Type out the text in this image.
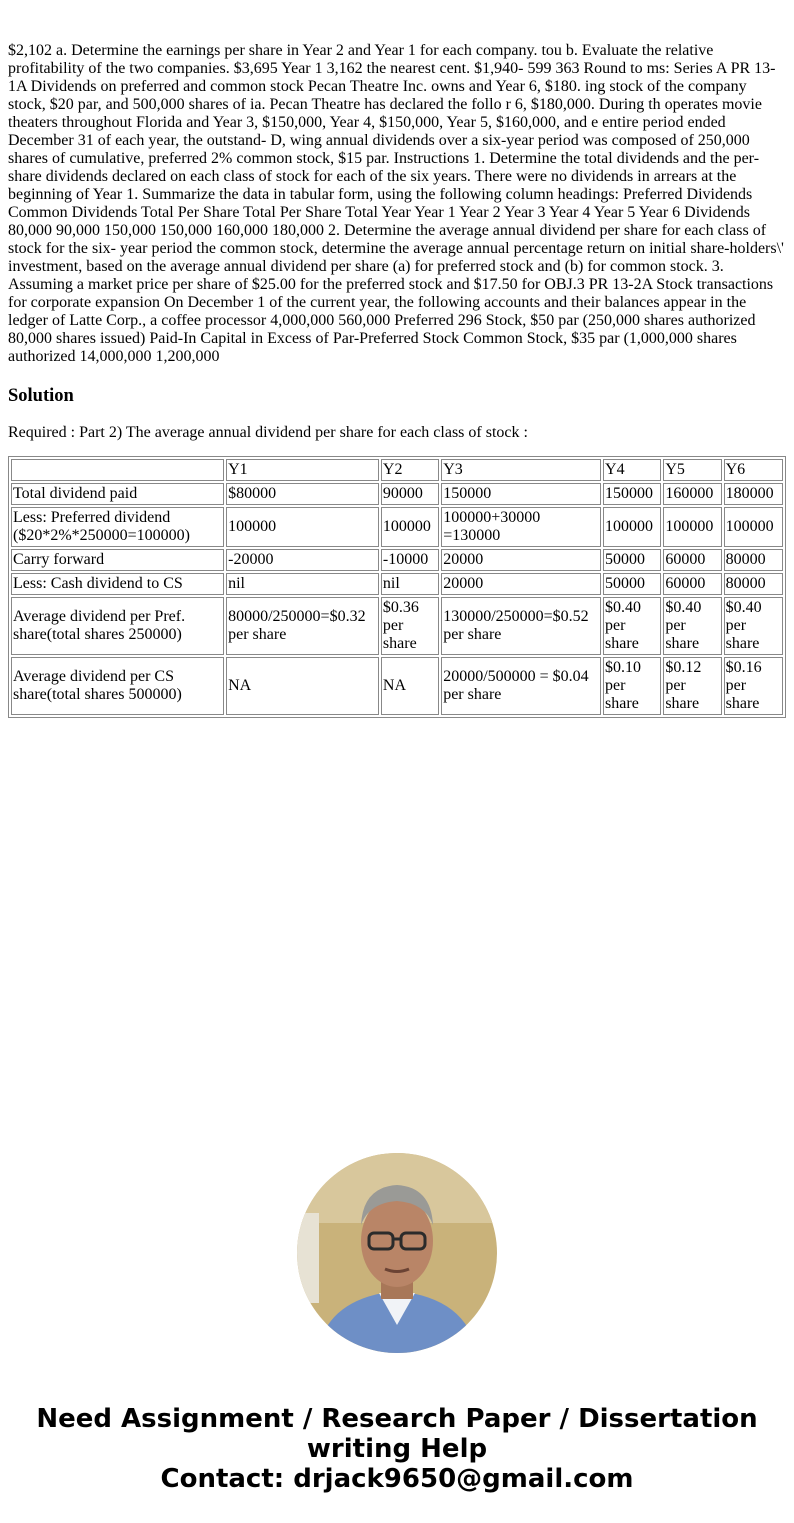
$2,102 a. Determine the earnings per share in Year 2 and Year 1 for each company. tou b. Evaluate the relative profitability of the two companies. $3,695 Year 1 3,162 the nearest cent. $1,940- 599 363 Round to ms: Series A PR 13-1A Dividends on preferred and common stock Pecan Theatre Inc. owns and Year 6, $180. ing stock of the company stock, $20 par, and 500,000 shares of ia. Pecan Theatre has declared the follo r 6, $180,000. During th operates movie theaters throughout Florida and Year 3, $150,000, Year 4, $150,000, Year 5, $160,000, and e entire period ended December 31 of each year, the outstand- D, wing annual dividends over a six-year period was composed of 250,000 shares of cumulative, preferred 2% common stock, $15 par. Instructions 1. Determine the total dividends and the per-share dividends declared on each class of stock for each of the six years. There were no dividends in arrears at the beginning of Year 1. Summarize the data in tabular form, using the following column headings: Preferred Dividends Common Dividends Total Per Share Total Per Share Total Year Year 1 Year 2 Year 3 Year 4 Year 5 Year 6 Dividends 80,000 90,000 150,000 150,000 160,000 180,000 2. Determine the average annual dividend per share for each class of stock for the six- year period the common stock, determine the average annual percentage return on initial share-holders\' investment, based on the average annual dividend per share (a) for preferred stock and (b) for common stock. 3. Assuming a market price per share of $25.00 for the preferred stock and $17.50 for OBJ.3 PR 13-2A Stock transactions for corporate expansion On December 1 of the current year, the following accounts and their balances appear in the ledger of Latte Corp., a coffee processor 4,000,000 560,000 Preferred 296 Stock, $50 par (250,000 shares authorized 80,000 shares issued) Paid-In Capital in Excess of Par-Preferred Stock Common Stock, $35 par (1,000,000 shares authorized 14,000,000 1,200,000

Solution

Required : Part 2) The average annual dividend per share for each class of stock :

	Y1	Y2	Y3	Y4	Y5	Y6
Total dividend paid	$80000	90000	150000	150000	160000	180000
Less: Preferred dividend ($20*2%*250000=100000)	100000	100000	100000+30000 =130000	100000	100000	100000
Carry forward	-20000	-10000	20000	50000	60000	80000
Less: Cash dividend to CS	nil	nil	20000	50000	60000	80000
Average dividend per Pref. share(total shares 250000)	80000/250000=$0.32 per share	$0.36 per share	130000/250000=$0.52 per share	$0.40 per share	$0.40 per share	$0.40 per share
Average dividend per CS share(total shares 500000)	NA	NA	20000/500000 = $0.04 per share	$0.10 per share	$0.12 per share	$0.16 per share
Need Assignment / Research Paper / Dissertation
writing Help
Contact: drjack9650@gmail.com
